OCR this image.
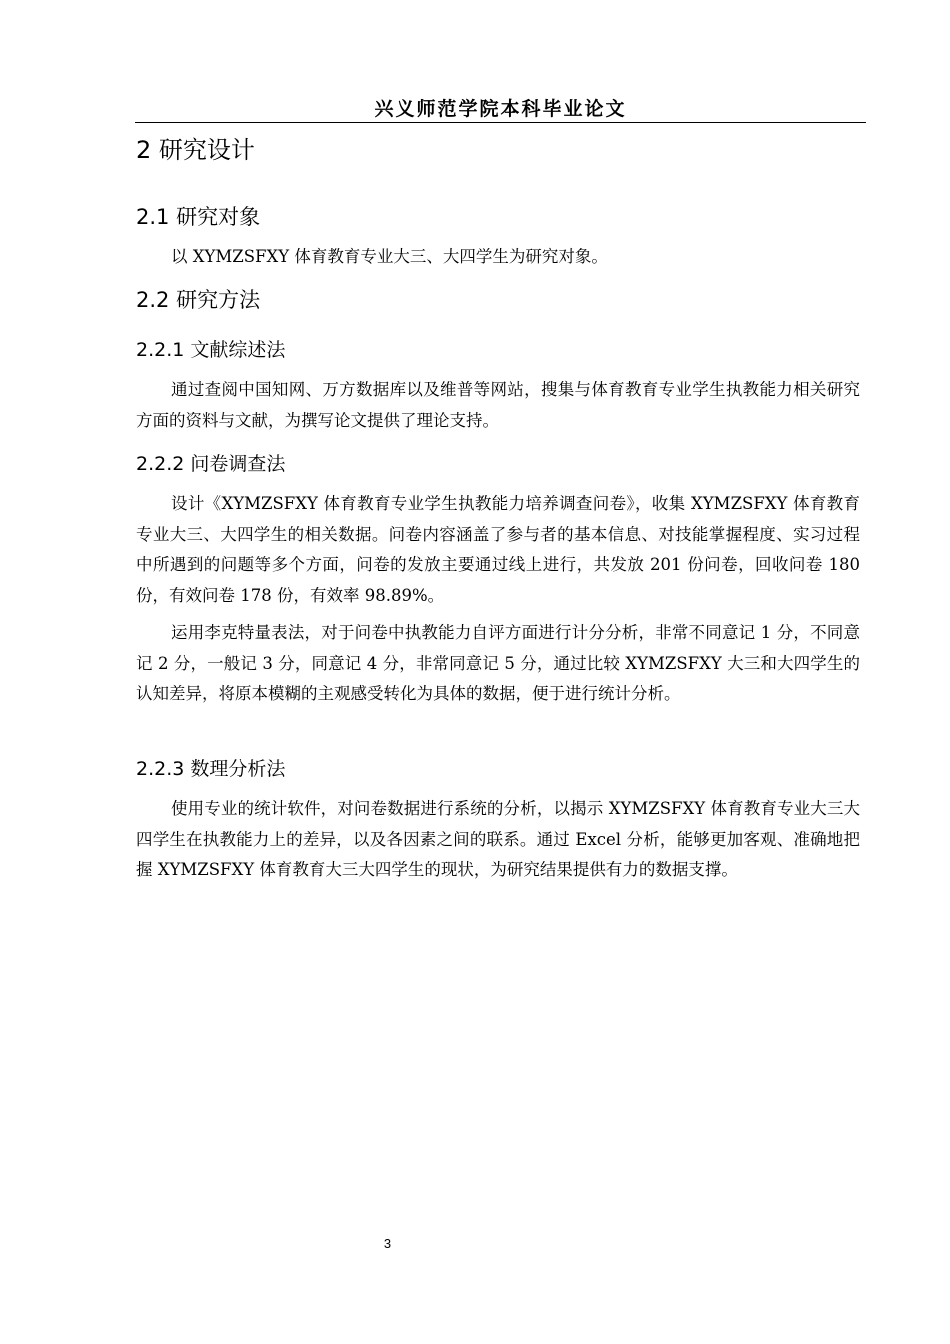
兴义师范学院本科毕业论文
2 研究设计
2.1 研究对象
以 XYMZSFXY 体育教育专业大三、大四学生为研究对象。
2.2 研究方法
2.2.1 文献综述法
通过查阅中国知网、万方数据库以及维普等网站，搜集与体育教育专业学生执教能力相关研究方面的资料与文献，为撰写论文提供了理论支持。
2.2.2 问卷调查法
设计《XYMZSFXY 体育教育专业学生执教能力培养调查问卷》，收集 XYMZSFXY 体育教育专业大三、大四学生的相关数据。问卷内容涵盖了参与者的基本信息、对技能掌握程度、实习过程中所遇到的问题等多个方面，问卷的发放主要通过线上进行，共发放 201 份问卷，回收问卷 180 份，有效问卷 178 份，有效率 98.89%。
运用李克特量表法，对于问卷中执教能力自评方面进行计分分析，非常不同意记 1 分，不同意记 2 分，一般记 3 分，同意记 4 分，非常同意记 5 分，通过比较 XYMZSFXY 大三和大四学生的认知差异，将原本模糊的主观感受转化为具体的数据，便于进行统计分析。
2.2.3 数理分析法
使用专业的统计软件，对问卷数据进行系统的分析，以揭示 XYMZSFXY 体育教育专业大三大四学生在执教能力上的差异，以及各因素之间的联系。通过 Excel 分析，能够更加客观、准确地把握 XYMZSFXY 体育教育大三大四学生的现状，为研究结果提供有力的数据支撑。
3
